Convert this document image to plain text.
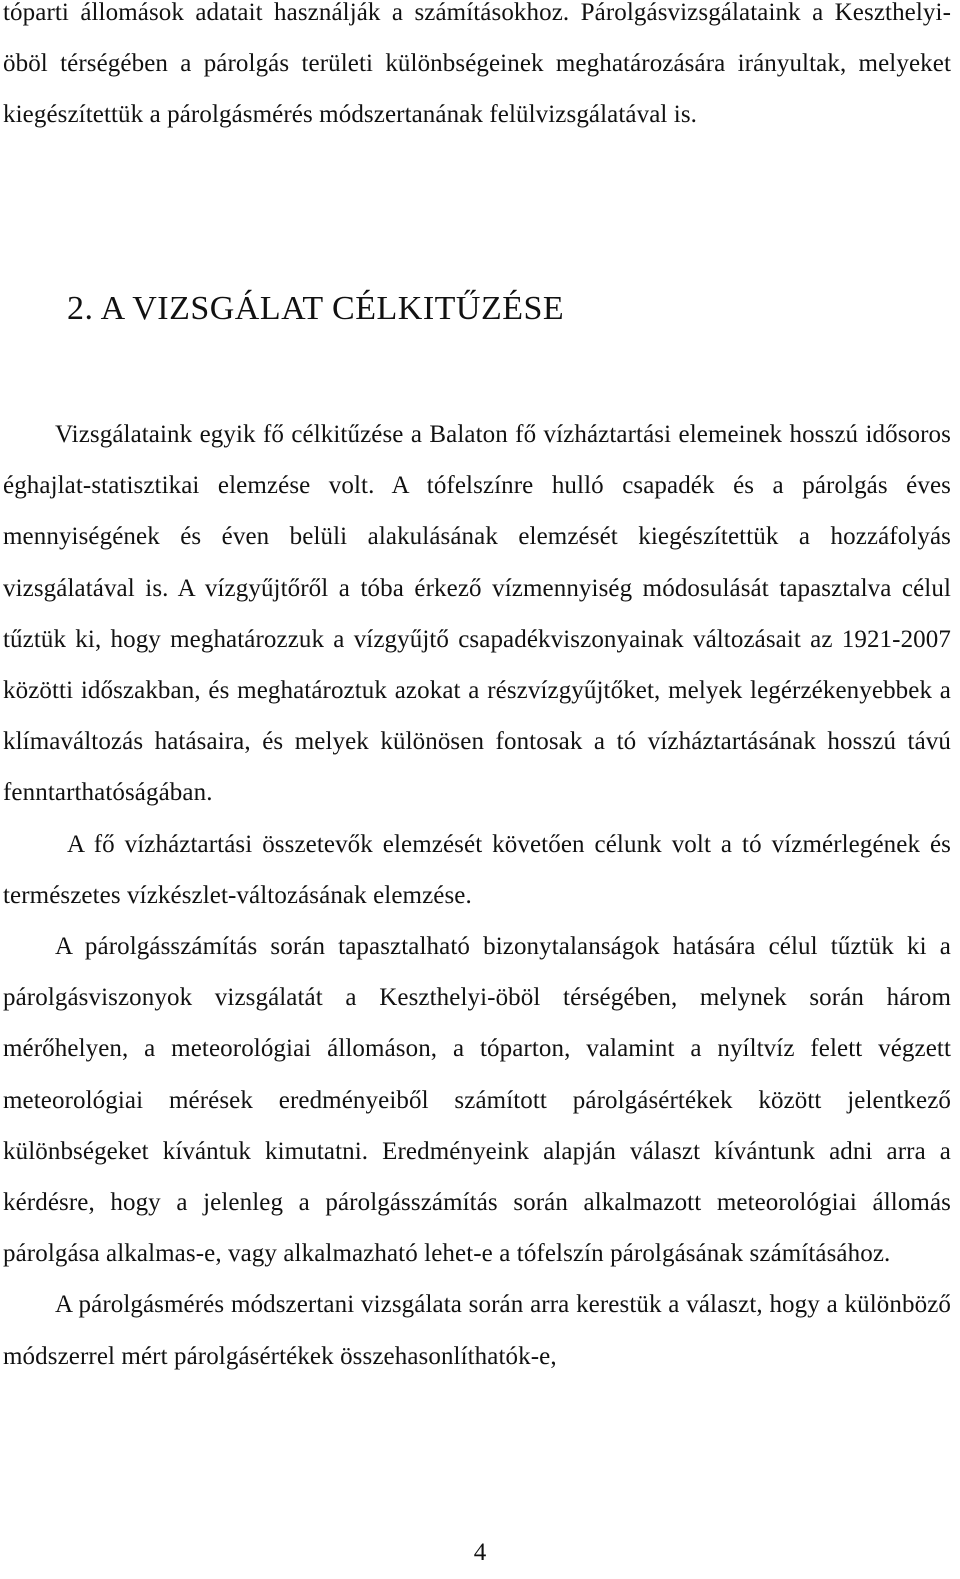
tóparti állomások adatait használják a számításokhoz. Párolgásvizsgálataink a Keszthelyi-öböl térségében a párolgás területi különbségeinek meghatározására irányultak, melyeket kiegészítettük a párolgásmérés módszertanának felülvizsgálatával is.

2. A VIZSGÁLAT CÉLKITŰZÉSE

Vizsgálataink egyik fő célkitűzése a Balaton fő vízháztartási elemeinek hosszú idősoros éghajlat-statisztikai elemzése volt. A tófelszínre hulló csapadék és a párolgás éves mennyiségének és éven belüli alakulásának elemzését kiegészítettük a hozzáfolyás vizsgálatával is. A vízgyűjtőről a tóba érkező vízmennyiség módosulását tapasztalva célul tűztük ki, hogy meghatározzuk a vízgyűjtő csapadékviszonyainak változásait az 1921-2007 közötti időszakban, és meghatároztuk azokat a részvízgyűjtőket, melyek legérzékenyebbek a klímaváltozás hatásaira, és melyek különösen fontosak a tó vízháztartásának hosszú távú fenntarthatóságában.

A fő vízháztartási összetevők elemzését követően célunk volt a tó vízmérlegének és természetes vízkészlet-változásának elemzése.

A párolgásszámítás során tapasztalható bizonytalanságok hatására célul tűztük ki a párolgásviszonyok vizsgálatát a Keszthelyi-öböl térségében, melynek során három mérőhelyen, a meteorológiai állomáson, a tóparton, valamint a nyíltvíz felett végzett meteorológiai mérések eredményeiből számított párolgásértékek között jelentkező különbségeket kívántuk kimutatni. Eredményeink alapján választ kívántunk adni arra a kérdésre, hogy a jelenleg a párolgásszámítás során alkalmazott meteorológiai állomás párolgása alkalmas-e, vagy alkalmazható lehet-e a tófelszín párolgásának számításához.

A párolgásmérés módszertani vizsgálata során arra kerestük a választ, hogy a különböző módszerrel mért párolgásértékek összehasonlíthatók-e,

4
